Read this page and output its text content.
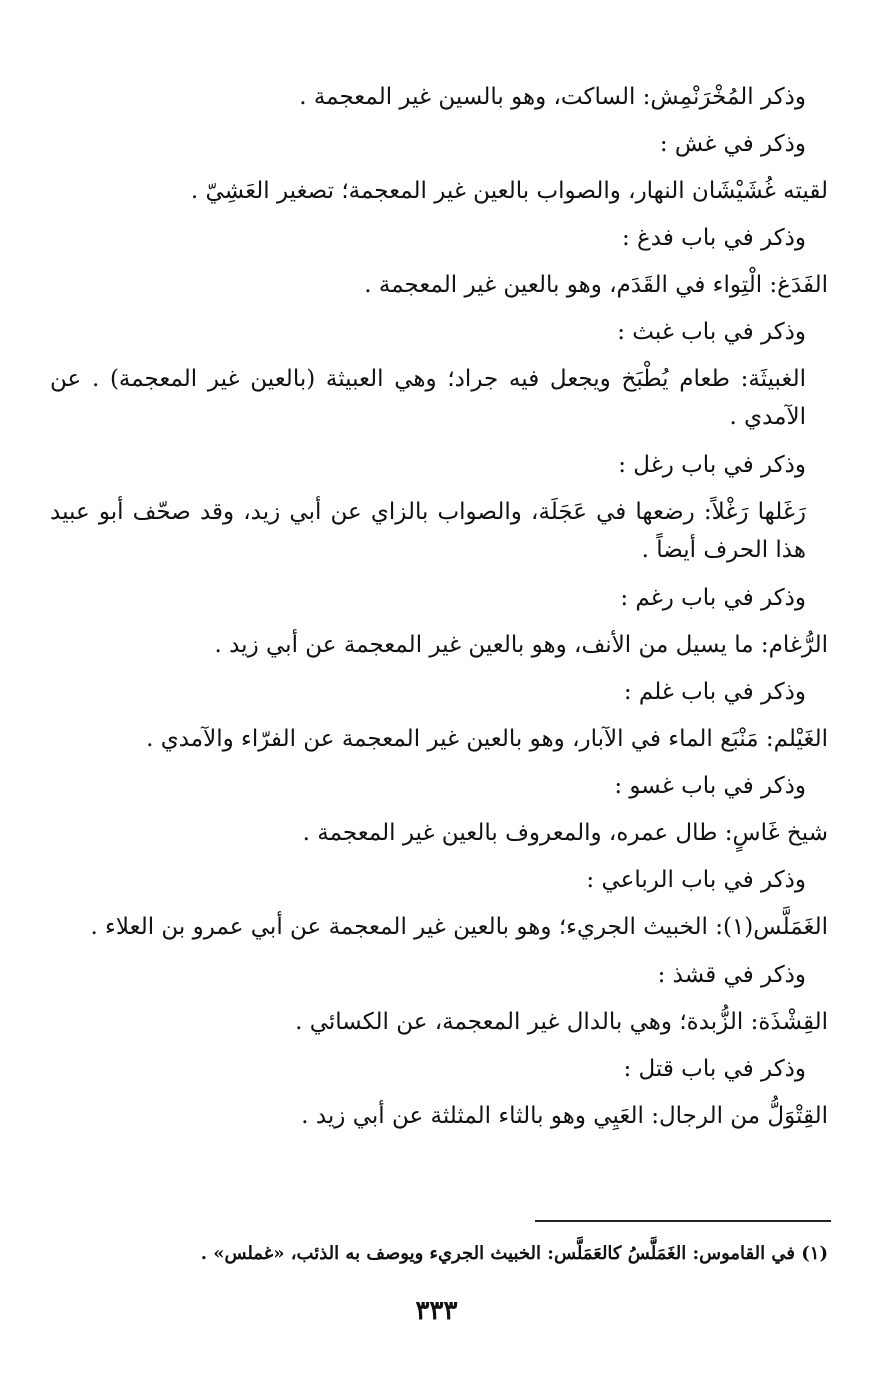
وذكر المُخْرَنْمِش: الساكت، وهو بالسين غير المعجمة .

وذكر في غش :

لقيته غُشَيْشَان النهار، والصواب بالعين غير المعجمة؛ تصغير العَشِيّ .

وذكر في باب فدغ :

الفَدَغ: الْتِواء في القَدَم، وهو بالعين غير المعجمة .

وذكر في باب غبث :

الغبيثَة: طعام يُطْبَخ ويجعل فيه جراد؛ وهي العبيثة (بالعين غير المعجمة) . عن الآمدي .

وذكر في باب رغل :

رَغَلها رَغْلاً: رضعها في عَجَلَة، والصواب بالزاي عن أبي زيد، وقد صحّف أبو عبيد هذا الحرف أيضاً .

وذكر في باب رغم :

الرُّغام: ما يسيل من الأنف، وهو بالعين غير المعجمة عن أبي زيد .

وذكر في باب غلم :

الغَيْلم: مَنْبَع الماء في الآبار، وهو بالعين غير المعجمة عن الفرّاء والآمدي .

وذكر في باب غسو :

شيخ غَاسٍ: طال عمره، والمعروف بالعين غير المعجمة .

وذكر في باب الرباعي :

الغَمَلَّس(١): الخبيث الجريء؛ وهو بالعين غير المعجمة عن أبي عمرو بن العلاء .

وذكر في قشذ :

القِشْذَة: الزُّبدة؛ وهي بالدال غير المعجمة، عن الكسائي .

وذكر في باب قتل :

القِتْوَلُّ من الرجال: العَيِي وهو بالثاء المثلثة عن أبي زيد .

(١) في القاموس: الغَمَلَّسُ كالعَمَلَّس: الخبيث الجريء ويوصف به الذئب، «غملس» .
٣٣٣
